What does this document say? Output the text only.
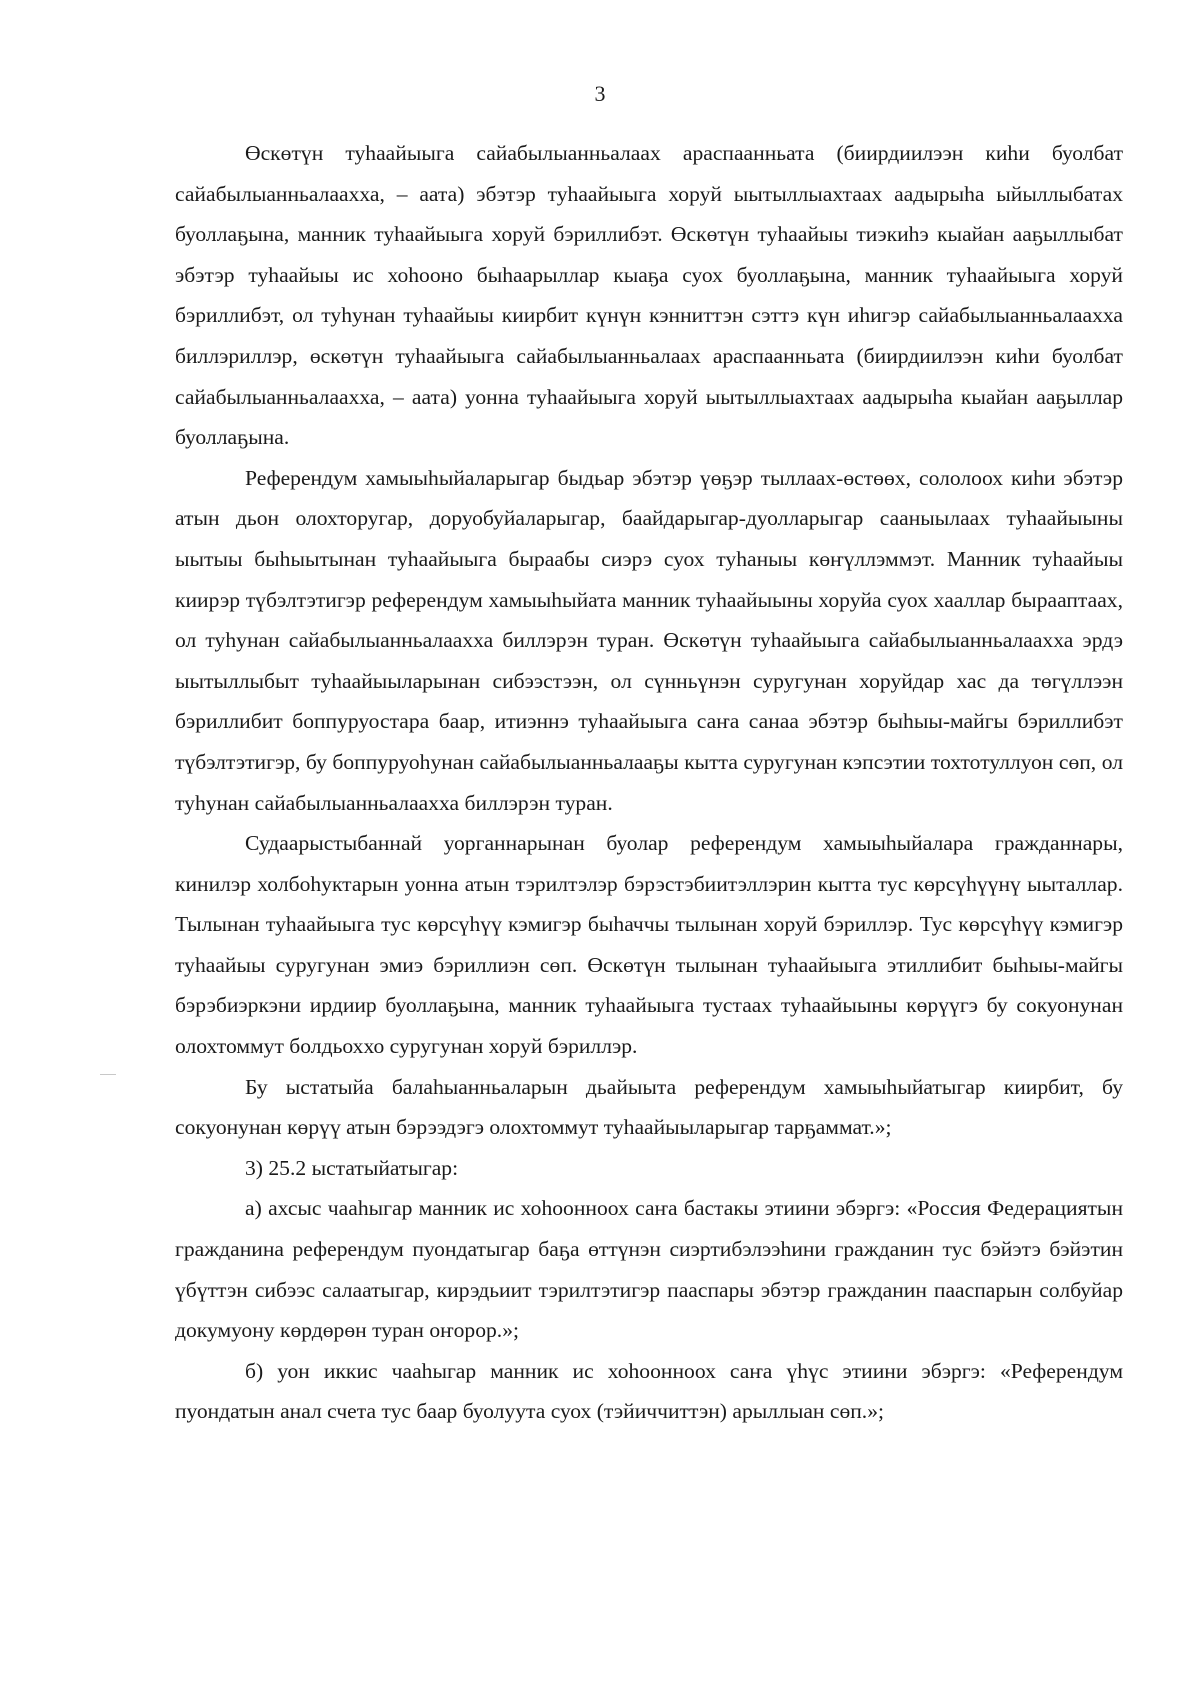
3

Өскөтүн туһаайыыга сайабылыанньалаах араспаанньата (биирдиилээн киһи буолбат сайабылыанньалаахха, – аата) эбэтэр туһаайыыга хоруй ыытыллыахтаах аадырыһа ыйыллыбатах буоллаҕына, манник туһаайыыга хоруй бэриллибэт. Өскөтүн туһаайыы тиэкиһэ кыайан ааҕыллыбат эбэтэр туһаайыы ис хоһооно быһаарыллар кыаҕа суох буоллаҕына, манник туһаайыыга хоруй бэриллибэт, ол туһунан туһаайыы киирбит күнүн кэнниттэн сэттэ күн иһигэр сайабылыанньалаахха биллэриллэр, өскөтүн туһаайыыга сайабылыанньалаах араспаанньата (биирдиилээн киһи буолбат сайабылыанньалаахха, – аата) уонна туһаайыыга хоруй ыытыллыахтаах аадырыһа кыайан ааҕыллар буоллаҕына.

Референдум хамыыһыйаларыгар быдьар эбэтэр үөҕэр тыллаах-өстөөх, сололоох киһи эбэтэр атын дьон олохторугар, доруобуйаларыгар, баайдарыгар-дуолларыгар сааныылаах туһаайыыны ыытыы быһыытынан туһаайыыга быраабы сиэрэ суох туһаныы көҥүллэммэт. Манник туһаайыы киирэр түбэлтэтигэр референдум хамыыһыйата манник туһаайыыны хоруйа суох хааллар бырааптаах, ол туһунан сайабылыанньалаахха биллэрэн туран. Өскөтүн туһаайыыга сайабылыанньалаахха эрдэ ыытыллыбыт туһаайыыларынан сибээстээн, ол сүнньүнэн суругунан хоруйдар хас да төгүллээн бэриллибит боппуруостара баар, итиэннэ туһаайыыга саҥа санаа эбэтэр быһыы-майгы бэриллибэт түбэлтэтигэр, бу боппуруоһунан сайабылыанньалааҕы кытта суругунан кэпсэтии тохтотуллуон сөп, ол туһунан сайабылыанньалаахха биллэрэн туран.

Судаарыстыбаннай уорганнарынан буолар референдум хамыыһыйалара гражданнары, кинилэр холбоһуктарын уонна атын тэрилтэлэр бэрэстэбиитэллэрин кытта тус көрсүһүүнү ыыталлар. Тылынан туһаайыыга тус көрсүһүү кэмигэр быһаччы тылынан хоруй бэриллэр. Тус көрсүһүү кэмигэр туһаайыы суругунан эмиэ бэриллиэн сөп. Өскөтүн тылынан туһаайыыга этиллибит быһыы-майгы бэрэбиэркэни ирдиир буоллаҕына, манник туһаайыыга тустаах туһаайыыны көрүүгэ бу сокуонунан олохтоммут болдьоххо суругунан хоруй бэриллэр.

Бу ыстатыйа балаһыанньаларын дьайыыта референдум хамыыһыйатыгар киирбит, бу сокуонунан көрүү атын бэрээдэгэ олохтоммут туһаайыыларыгар тарҕаммат.»;

3) 25.2 ыстатыйатыгар:

а) ахсыс чааһыгар манник ис хоһоонноох саҥа бастакы этиини эбэргэ: «Россия Федерациятын гражданина референдум пуондатыгар баҕа өттүнэн сиэртибэлээһини гражданин тус бэйэтэ бэйэтин үбүттэн сибээс салаатыгар, кирэдьиит тэрилтэтигэр пааспары эбэтэр гражданин пааспарын солбуйар докумуону көрдөрөн туран оҥорор.»;

б) уон иккис чааһыгар манник ис хоһооннoох саҥа үһүс этиини эбэргэ: «Референдум пуондатын анал счета тус баар буолуута суох (тэйиччиттэн) арыллыан сөп.»;
